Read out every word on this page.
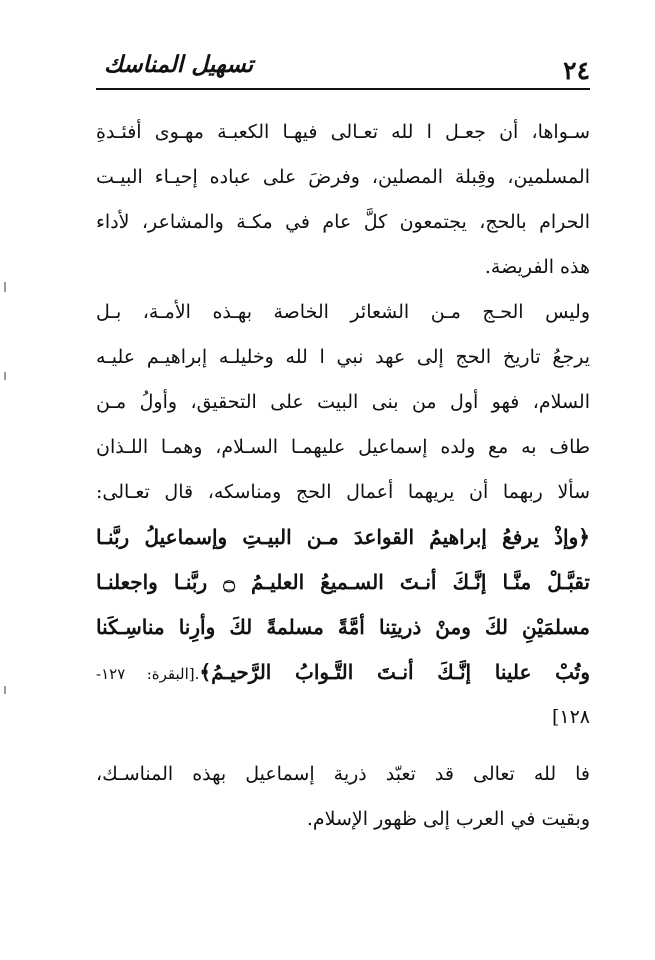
٢٤
تسهيل المناسك
سـواها، أن جعـل ا لله تعـالى فيهـا الكعبـة مهـوى أفئـدةِ
المسلمين، وقِبلة المصلين، وفرضَ على عباده إحيـاء البيـت
الحرام بالحج، يجتمعون كلَّ عام في مكـة والمشاعر، لأداء
هذه الفريضة.
وليس الحـج مـن الشعائر الخاصة بهـذه الأمـة، بـل
يرجعُ تاريخ الحج إلى عهد نبي ا لله وخليلـه إبراهيـم عليـه
السلام، فهو أول من بنى البيت على التحقيق، وأولُ مـن
طاف به مع ولده إسماعيل عليهمـا السـلام، وهمـا اللـذان
سألا ربهما أن يريهما أعمال الحج ومناسكه، قال تعـالى:
﴿وإذْ يرفعُ إبراهيمُ القواعدَ مـن البيـتِ وإسماعيلُ ربَّنـا
تقبَّـلْ منَّـا إنَّـكَ أنـتَ السـميعُ العليـمُ ۝ ربَّنـا واجعلنـا
مسلمَيْنِ لكَ ومنْ ذريتِنا أمَّةً مسلمةً لكَ وأرِنا مناسِـكَنا
وتُبْ علينا إنَّـكَ أنـتَ التَّـوابُ الرَّحيـمُ﴾.[البقرة: ١٢٧-
١٢٨]
فا لله تعالى قد تعبّد ذرية إسماعيل بهذه المناسـك،
وبقيت في العرب إلى ظهور الإسلام.
